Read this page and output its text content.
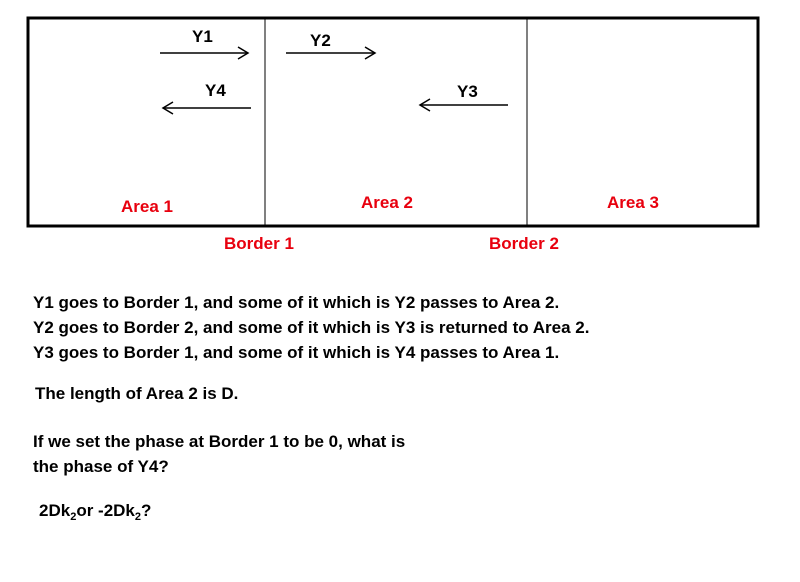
Y1	Y2
Y3
Y4
Area 1	Area 2	Area 3
Border 1	Border 2
Y1 goes to Border 1, and some of it which is Y2 passes to Area 2.
Y2 goes to Border 2, and some of it which is Y3 is returned to Area 2.
Y3 goes to Border 1, and some of it which is Y4 passes to Area 1.
The length of Area 2 is D.
If we set the phase at Border 1 to be 0, what is
the phase of Y4?
$2Dk_2or$ $-2Dk_2$?
